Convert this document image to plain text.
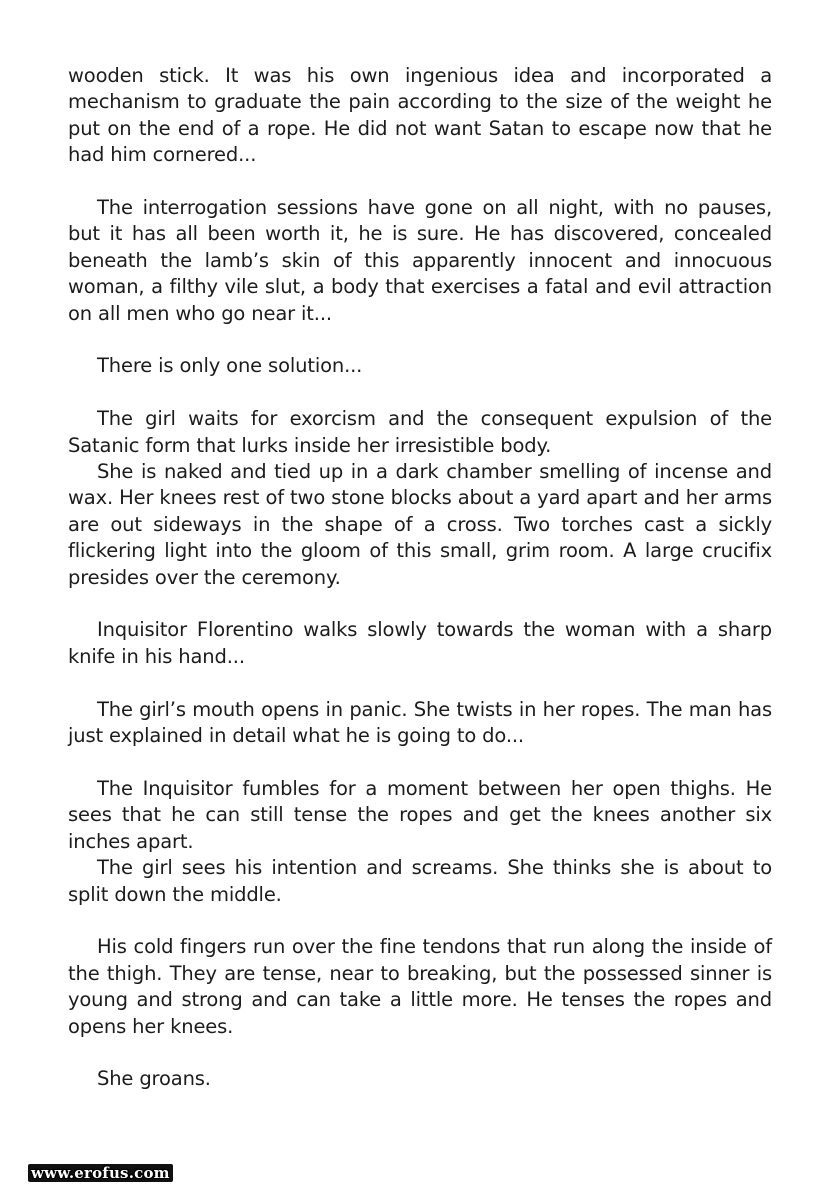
wooden stick. It was his own ingenious idea and incorporated a mechanism to graduate the pain according to the size of the weight he put on the end of a rope. He did not want Satan to escape now that he had him cornered...

The interrogation sessions have gone on all night, with no pauses, but it has all been worth it, he is sure. He has discovered, concealed beneath the lamb’s skin of this apparently innocent and innocuous woman, a filthy vile slut, a body that exercises a fatal and evil attraction on all men who go near it...

There is only one solution...

The girl waits for exorcism and the consequent expulsion of the Satanic form that lurks inside her irresistible body.

She is naked and tied up in a dark chamber smelling of incense and wax. Her knees rest of two stone blocks about a yard apart and her arms are out sideways in the shape of a cross. Two torches cast a sickly flickering light into the gloom of this small, grim room. A large crucifix presides over the ceremony.

Inquisitor Florentino walks slowly towards the woman with a sharp knife in his hand...

The girl’s mouth opens in panic. She twists in her ropes. The man has just explained in detail what he is going to do...

The Inquisitor fumbles for a moment between her open thighs. He sees that he can still tense the ropes and get the knees another six inches apart.

The girl sees his intention and screams. She thinks she is about to split down the middle.

His cold fingers run over the fine tendons that run along the inside of the thigh. They are tense, near to breaking, but the possessed sinner is young and strong and can take a little more. He tenses the ropes and opens her knees.

She groans.

www.erofus.com
